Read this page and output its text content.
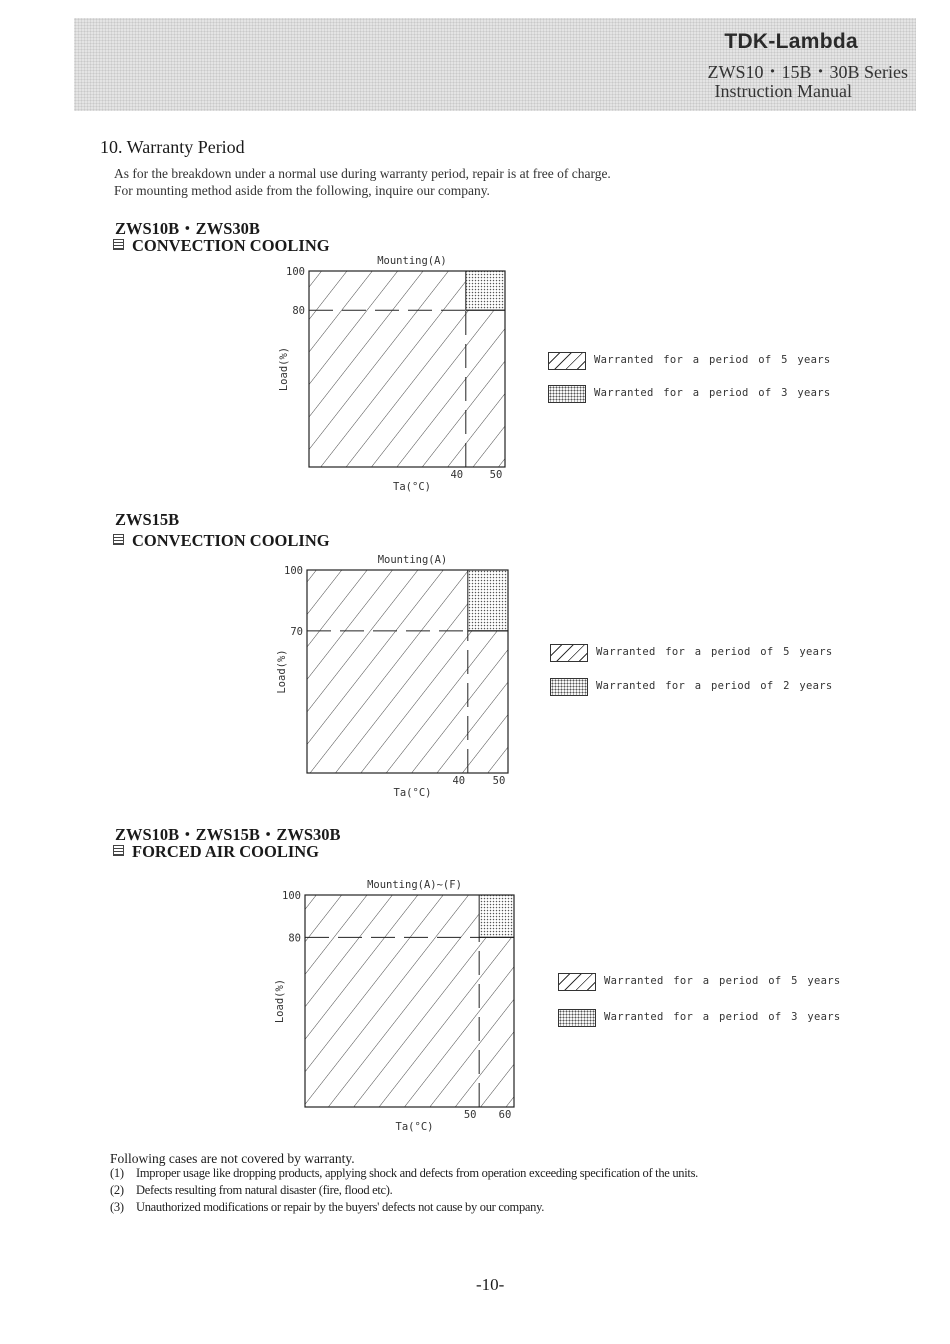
TDK-Lambda
ZWS10・15B・30B Series
Instruction Manual
10. Warranty Period
As for the breakdown under a normal use during warranty period, repair is at free of charge.
For mounting method aside from the following, inquire our company.
ZWS10B・ZWS30B
CONVECTION COOLING
Mounting(A)
100
80
40	50
Ta(°C)
Load(%)	Warranted for a period of 5 years
Warranted for a period of 3 years
ZWS15B
CONVECTION COOLING
Mounting(A)
100
70
40	50
Ta(°C)
Load(%)	Warranted for a period of 5 years
Warranted for a period of 2 years
ZWS10B・ZWS15B・ZWS30B
FORCED AIR COOLING
Mounting(A)~(F)
100
80
50 60
Ta(°C)
Load(%)	Warranted for a period of 5 years
Warranted for a period of 3 years
Following cases are not covered by warranty.
(1) Improper usage like dropping products, applying shock and defects from operation exceeding specification of the units.
(2) Defects resulting from natural disaster (fire, flood etc).
(3) Unauthorized modifications or repair by the buyers' defects not cause by our company.
-10-
